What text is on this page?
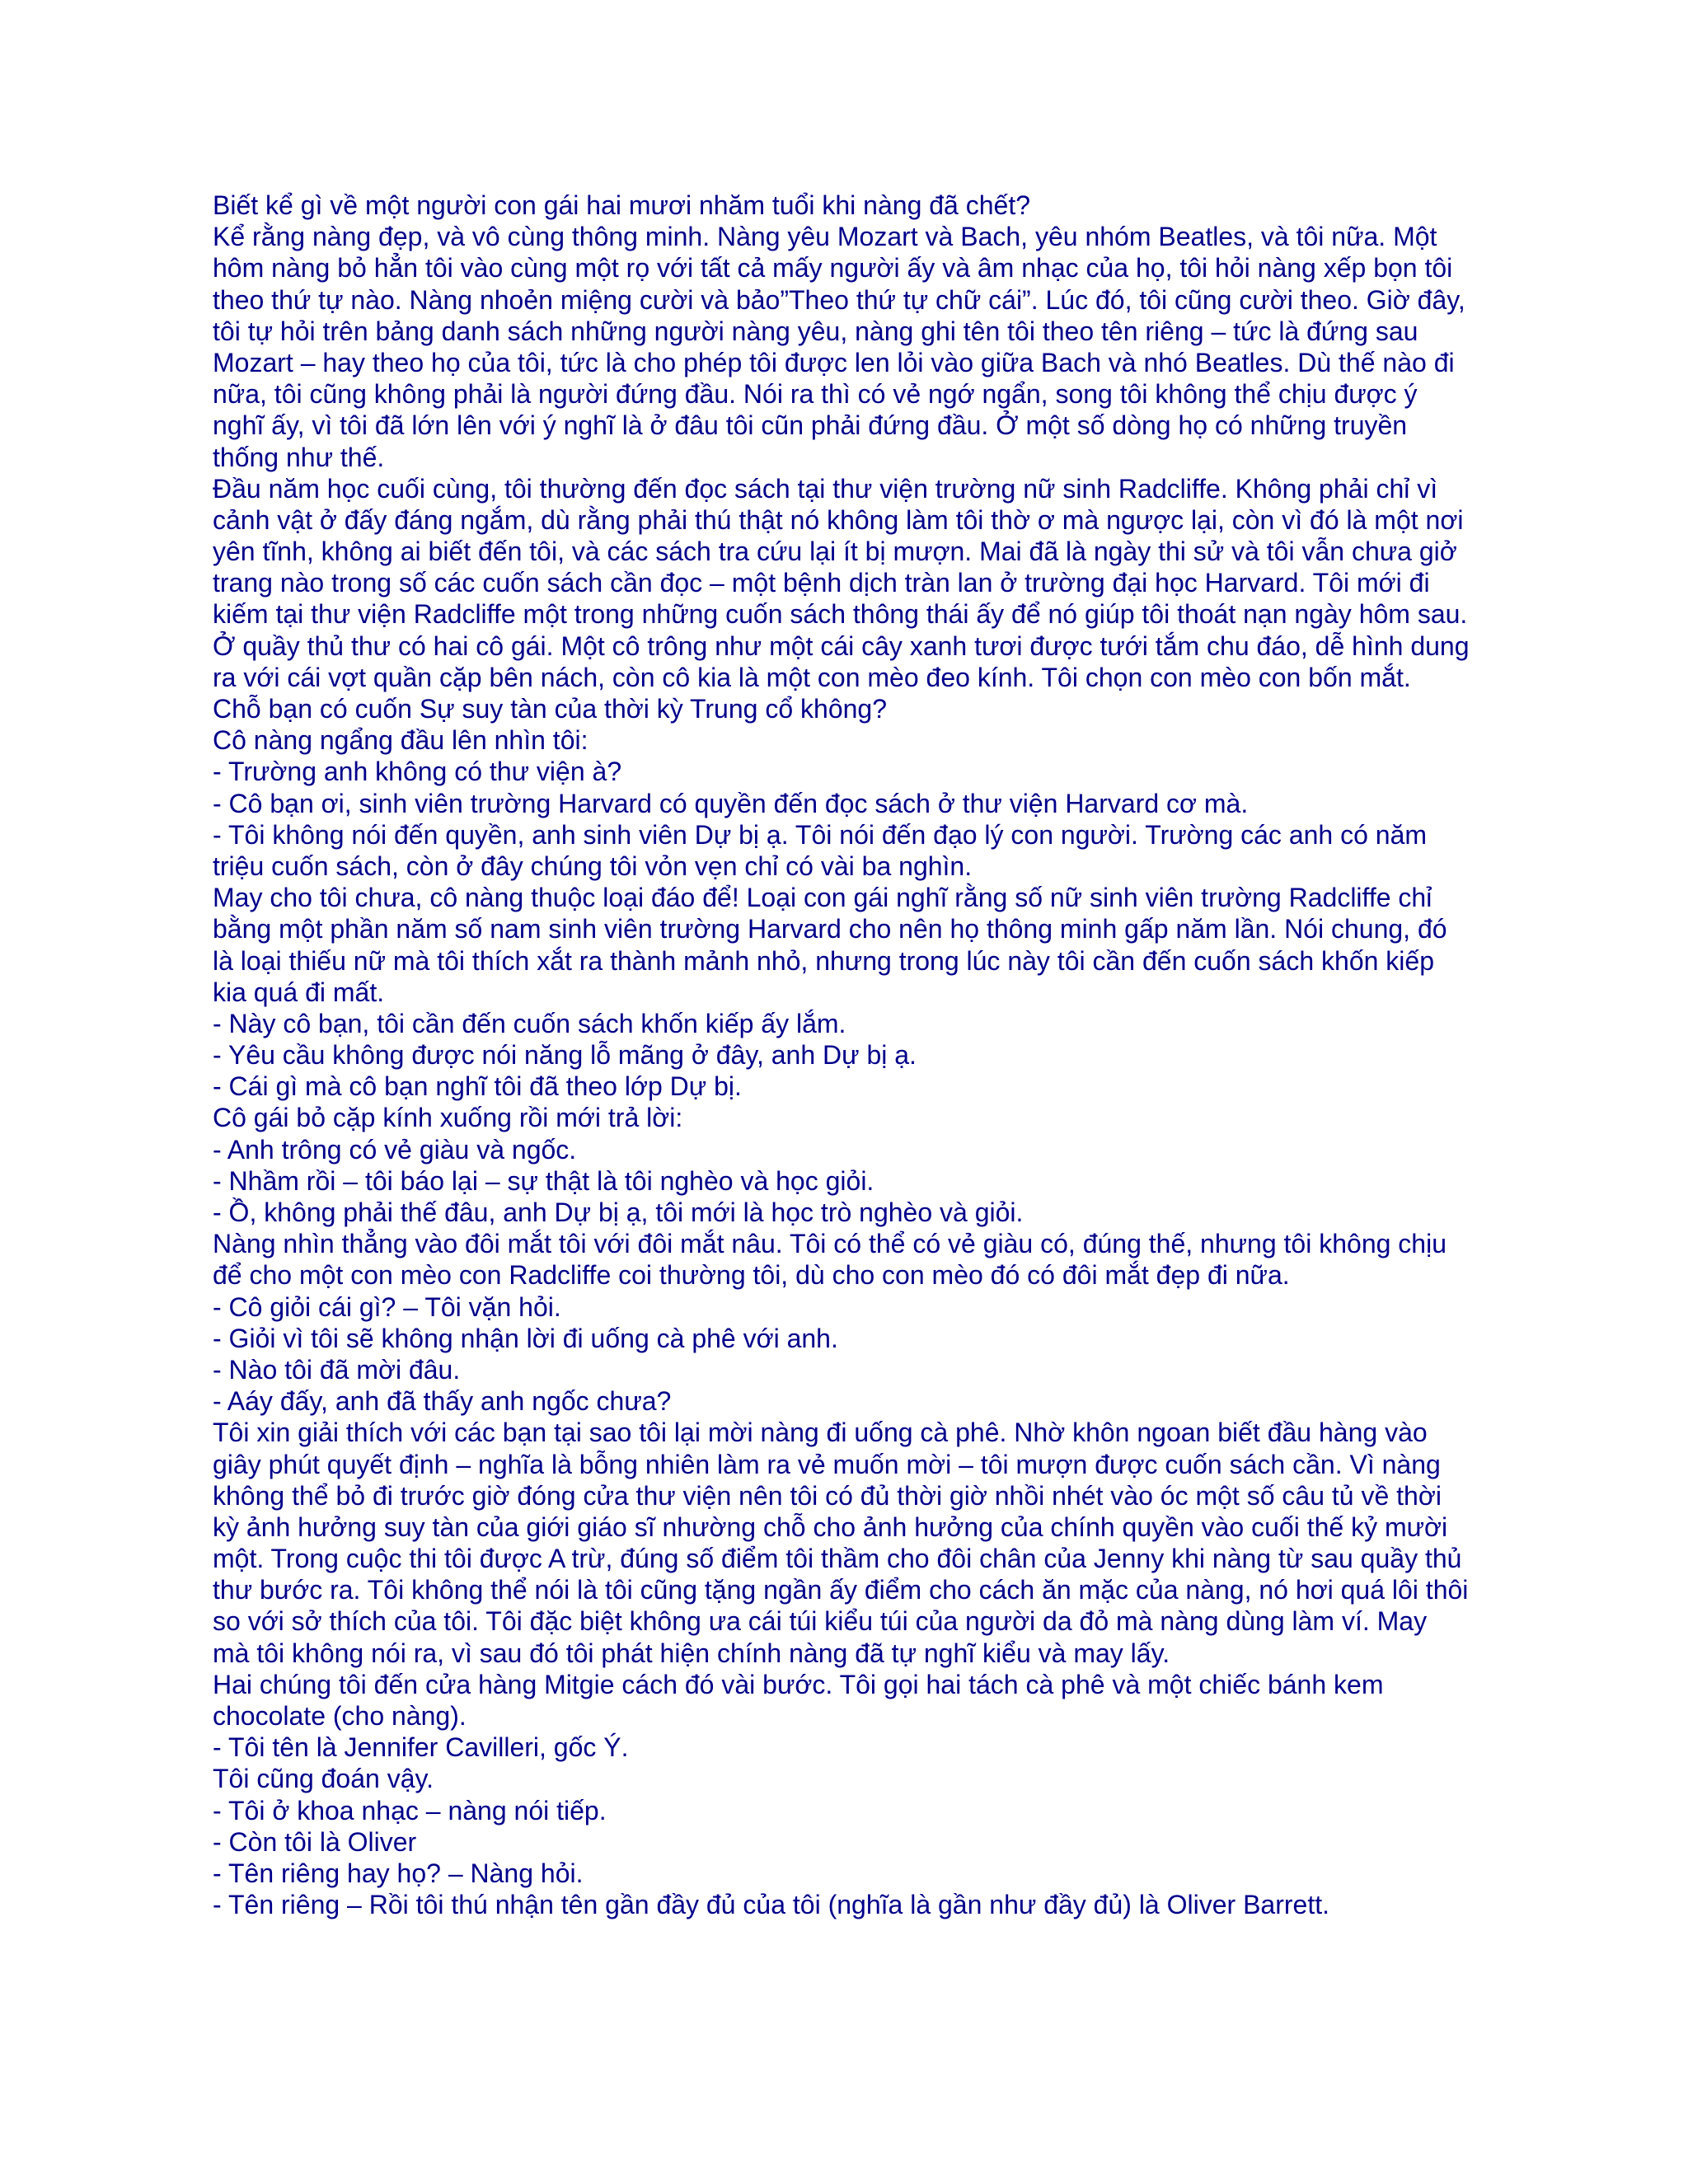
Biết kể gì về một người con gái hai mươi nhăm tuổi khi nàng đã chết?
Kể rằng nàng đẹp, và vô cùng thông minh. Nàng yêu Mozart và Bach, yêu nhóm Beatles, và tôi nữa. Một
hôm nàng bỏ hẳn tôi vào cùng một rọ với tất cả mấy người ấy và âm nhạc của họ, tôi hỏi nàng xếp bọn tôi
theo thứ tự nào. Nàng nhoẻn miệng cười và bảo”Theo thứ tự chữ cái”. Lúc đó, tôi cũng cười theo. Giờ đây,
tôi tự hỏi trên bảng danh sách những người nàng yêu, nàng ghi tên tôi theo tên riêng – tức là đứng sau
Mozart – hay theo họ của tôi, tức là cho phép tôi được len lỏi vào giữa Bach và nhó Beatles. Dù thế nào đi
nữa, tôi cũng không phải là người đứng đầu. Nói ra thì có vẻ ngớ ngẩn, song tôi không thể chịu được ý
nghĩ ấy, vì tôi đã lớn lên với ý nghĩ là ở đâu tôi cũn phải đứng đầu. Ở một số dòng họ có những truyền
thống như thế.
Đầu năm học cuối cùng, tôi thường đến đọc sách tại thư viện trường nữ sinh Radcliffe. Không phải chỉ vì
cảnh vật ở đấy đáng ngắm, dù rằng phải thú thật nó không làm tôi thờ ơ mà ngược lại, còn vì đó là một nơi
yên tĩnh, không ai biết đến tôi, và các sách tra cứu lại ít bị mượn. Mai đã là ngày thi sử và tôi vẫn chưa giở
trang nào trong số các cuốn sách cần đọc – một bệnh dịch tràn lan ở trường đại học Harvard. Tôi mới đi
kiếm tại thư viện Radcliffe một trong những cuốn sách thông thái ấy để nó giúp tôi thoát nạn ngày hôm sau.
Ở quầy thủ thư có hai cô gái. Một cô trông như một cái cây xanh tươi được tưới tắm chu đáo, dễ hình dung
ra với cái vợt quần cặp bên nách, còn cô kia là một con mèo đeo kính. Tôi chọn con mèo con bốn mắt.
Chỗ bạn có cuốn Sự suy tàn của thời kỳ Trung cổ không?
Cô nàng ngẩng đầu lên nhìn tôi:
- Trường anh không có thư viện à?
- Cô bạn ơi, sinh viên trường Harvard có quyền đến đọc sách ở thư viện Harvard cơ mà.
- Tôi không nói đến quyền, anh sinh viên Dự bị ạ. Tôi nói đến đạo lý con người. Trường các anh có năm
triệu cuốn sách, còn ở đây chúng tôi vỏn vẹn chỉ có vài ba nghìn.
May cho tôi chưa, cô nàng thuộc loại đáo để! Loại con gái nghĩ rằng số nữ sinh viên trường Radcliffe chỉ
bằng một phần năm số nam sinh viên trường Harvard cho nên họ thông minh gấp năm lần. Nói chung, đó
là loại thiếu nữ mà tôi thích xắt ra thành mảnh nhỏ, nhưng trong lúc này tôi cần đến cuốn sách khốn kiếp
kia quá đi mất.
- Này cô bạn, tôi cần đến cuốn sách khốn kiếp ấy lắm.
- Yêu cầu không được nói năng lỗ mãng ở đây, anh Dự bị ạ.
- Cái gì mà cô bạn nghĩ tôi đã theo lớp Dự bị.
Cô gái bỏ cặp kính xuống rồi mới trả lời:
- Anh trông có vẻ giàu và ngốc.
- Nhầm rồi – tôi báo lại – sự thật là tôi nghèo và học giỏi.
- Ồ, không phải thế đâu, anh Dự bị ạ, tôi mới là học trò nghèo và giỏi.
Nàng nhìn thẳng vào đôi mắt tôi với đôi mắt nâu. Tôi có thể có vẻ giàu có, đúng thế, nhưng tôi không chịu
để cho một con mèo con Radcliffe coi thường tôi, dù cho con mèo đó có đôi mắt đẹp đi nữa.
- Cô giỏi cái gì? – Tôi vặn hỏi.
- Giỏi vì tôi sẽ không nhận lời đi uống cà phê với anh.
- Nào tôi đã mời đâu.
- Aáy đấy, anh đã thấy anh ngốc chưa?
Tôi xin giải thích với các bạn tại sao tôi lại mời nàng đi uống cà phê. Nhờ khôn ngoan biết đầu hàng vào
giây phút quyết định – nghĩa là bỗng nhiên làm ra vẻ muốn mời – tôi mượn được cuốn sách cần. Vì nàng
không thể bỏ đi trước giờ đóng cửa thư viện nên tôi có đủ thời giờ nhồi nhét vào óc một số câu tủ về thời
kỳ ảnh hưởng suy tàn của giới giáo sĩ nhường chỗ cho ảnh hưởng của chính quyền vào cuối thế kỷ mười
một. Trong cuộc thi tôi được A trừ, đúng số điểm tôi thầm cho đôi chân của Jenny khi nàng từ sau quầy thủ
thư bước ra. Tôi không thể nói là tôi cũng tặng ngần ấy điểm cho cách ăn mặc của nàng, nó hơi quá lôi thôi
so với sở thích của tôi. Tôi đặc biệt không ưa cái túi kiểu túi của người da đỏ mà nàng dùng làm ví. May
mà tôi không nói ra, vì sau đó tôi phát hiện chính nàng đã tự nghĩ kiểu và may lấy.
Hai chúng tôi đến cửa hàng Mitgie cách đó vài bước. Tôi gọi hai tách cà phê và một chiếc bánh kem
chocolate (cho nàng).
- Tôi tên là Jennifer Cavilleri, gốc Ý.
Tôi cũng đoán vậy.
- Tôi ở khoa nhạc – nàng nói tiếp.
- Còn tôi là Oliver
- Tên riêng hay họ? – Nàng hỏi.
- Tên riêng – Rồi tôi thú nhận tên gần đầy đủ của tôi (nghĩa là gần như đầy đủ) là Oliver Barrett.
